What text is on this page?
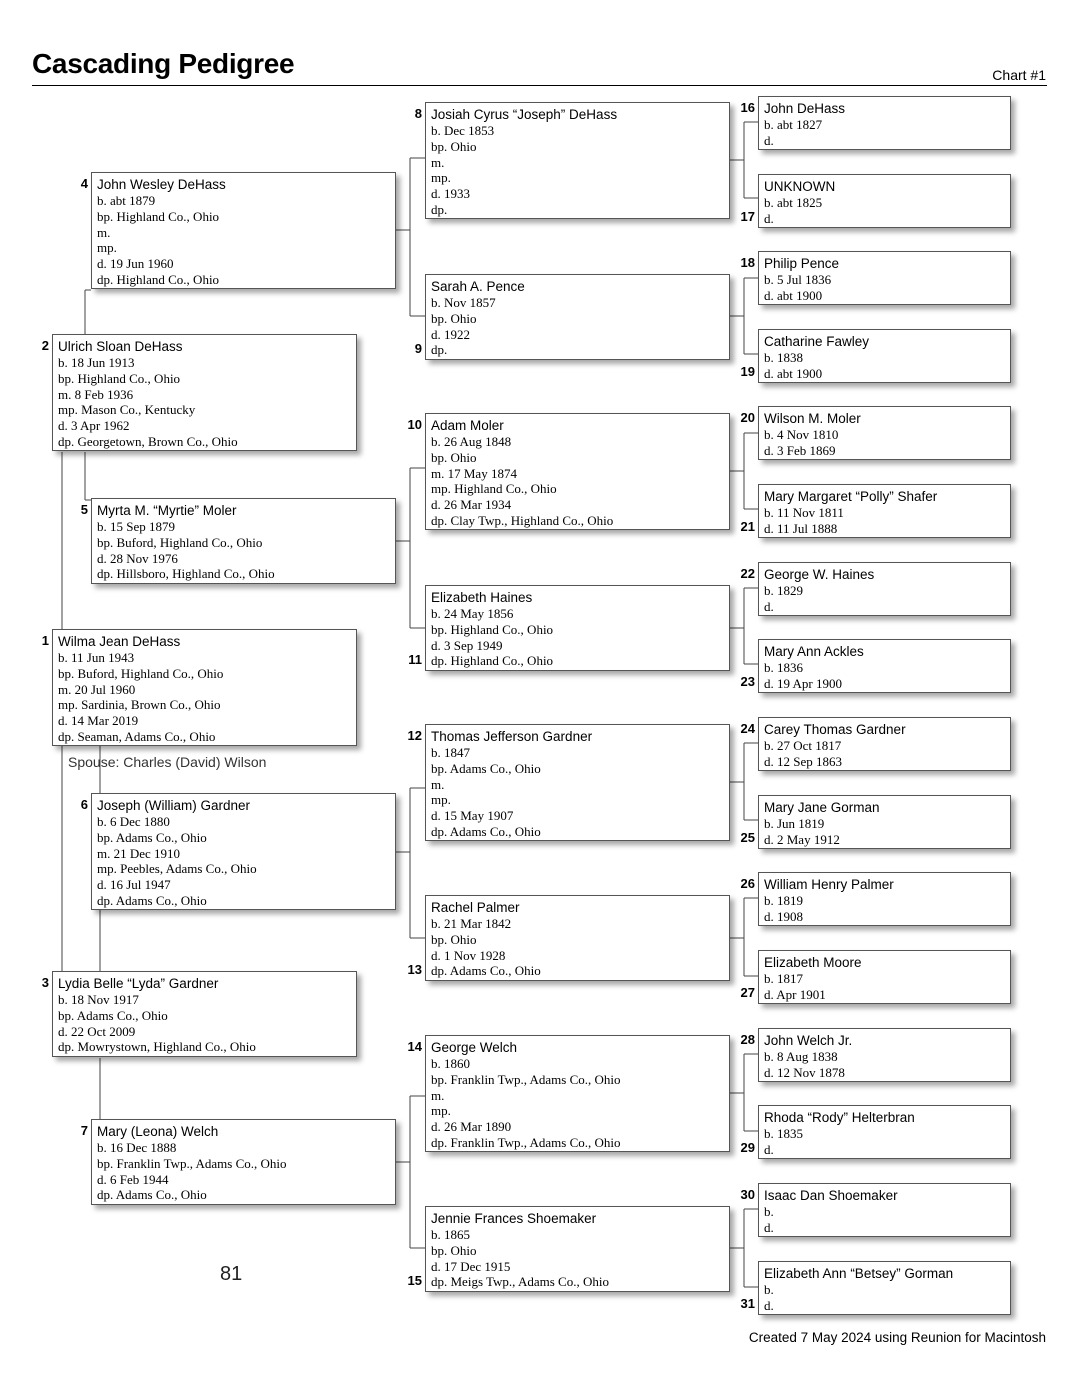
Cascading Pedigree	Chart #1
Wilma Jean DeHass
b. 11 Jun 1943
bp. Buford, Highland Co., Ohio
m. 20 Jul 1960
mp. Sardinia, Brown Co., Ohio
d. 14 Mar 2019
dp. Seaman, Adams Co., Ohio
1
Ulrich Sloan DeHass
b. 18 Jun 1913
bp. Highland Co., Ohio
m. 8 Feb 1936
mp. Mason Co., Kentucky
d. 3 Apr 1962
dp. Georgetown, Brown Co., Ohio
2
Lydia Belle “Lyda” Gardner
b. 18 Nov 1917
bp. Adams Co., Ohio
d. 22 Oct 2009
dp. Mowrystown, Highland Co., Ohio
3
John Wesley DeHass
b. abt 1879
bp. Highland Co., Ohio
m.
mp.
d. 19 Jun 1960
dp. Highland Co., Ohio
4
Myrta M. “Myrtie” Moler
b. 15 Sep 1879
bp. Buford, Highland Co., Ohio
d. 28 Nov 1976
dp. Hillsboro, Highland Co., Ohio
5
Joseph (William) Gardner
b. 6 Dec 1880
bp. Adams Co., Ohio
m. 21 Dec 1910
mp. Peebles, Adams Co., Ohio
d. 16 Jul 1947
dp. Adams Co., Ohio
6
Mary (Leona) Welch
b. 16 Dec 1888
bp. Franklin Twp., Adams Co., Ohio
d. 6 Feb 1944
dp. Adams Co., Ohio
7
Josiah Cyrus “Joseph” DeHass
b. Dec 1853
bp. Ohio
m.
mp.
d. 1933
dp.
8
Sarah A. Pence
b. Nov 1857
bp. Ohio
d. 1922
dp.
9
Adam Moler
b. 26 Aug 1848
bp. Ohio
m. 17 May 1874
mp. Highland Co., Ohio
d. 26 Mar 1934
dp. Clay Twp., Highland Co., Ohio
10
Elizabeth Haines
b. 24 May 1856
bp. Highland Co., Ohio
d. 3 Sep 1949
dp. Highland Co., Ohio
11
Thomas Jefferson Gardner
b. 1847
bp. Adams Co., Ohio
m.
mp.
d. 15 May 1907
dp. Adams Co., Ohio
12
Rachel Palmer
b. 21 Mar 1842
bp. Ohio
d. 1 Nov 1928
dp. Adams Co., Ohio
13
George Welch
b. 1860
bp. Franklin Twp., Adams Co., Ohio
m.
mp.
d. 26 Mar 1890
dp. Franklin Twp., Adams Co., Ohio
14
Jennie Frances Shoemaker
b. 1865
bp. Ohio
d. 17 Dec 1915
dp. Meigs Twp., Adams Co., Ohio
15
John DeHass
b. abt 1827
d.
16
UNKNOWN
b. abt 1825
d.
17
Philip Pence
b. 5 Jul 1836
d. abt 1900
18
Catharine Fawley
b. 1838
d. abt 1900
19
Wilson M. Moler
b. 4 Nov 1810
d. 3 Feb 1869
20
Mary Margaret “Polly” Shafer
b. 11 Nov 1811
d. 11 Jul 1888
21
George W. Haines
b. 1829
d.
22
Mary Ann Ackles
b. 1836
d. 19 Apr 1900
23
Carey Thomas Gardner
b. 27 Oct 1817
d. 12 Sep 1863
24
Mary Jane Gorman
b. Jun 1819
d. 2 May 1912
25
William Henry Palmer
b. 1819
d. 1908
26
Elizabeth Moore
b. 1817
d. Apr 1901
27
John Welch Jr.
b. 8 Aug 1838
d. 12 Nov 1878
28
Rhoda “Rody” Helterbran
b. 1835
d.
29
Isaac Dan Shoemaker
b.
d.
30
Elizabeth Ann “Betsey” Gorman
b.
d.
31
Spouse: Charles (David) Wilson
81
Created 7 May 2024 using Reunion for Macintosh
